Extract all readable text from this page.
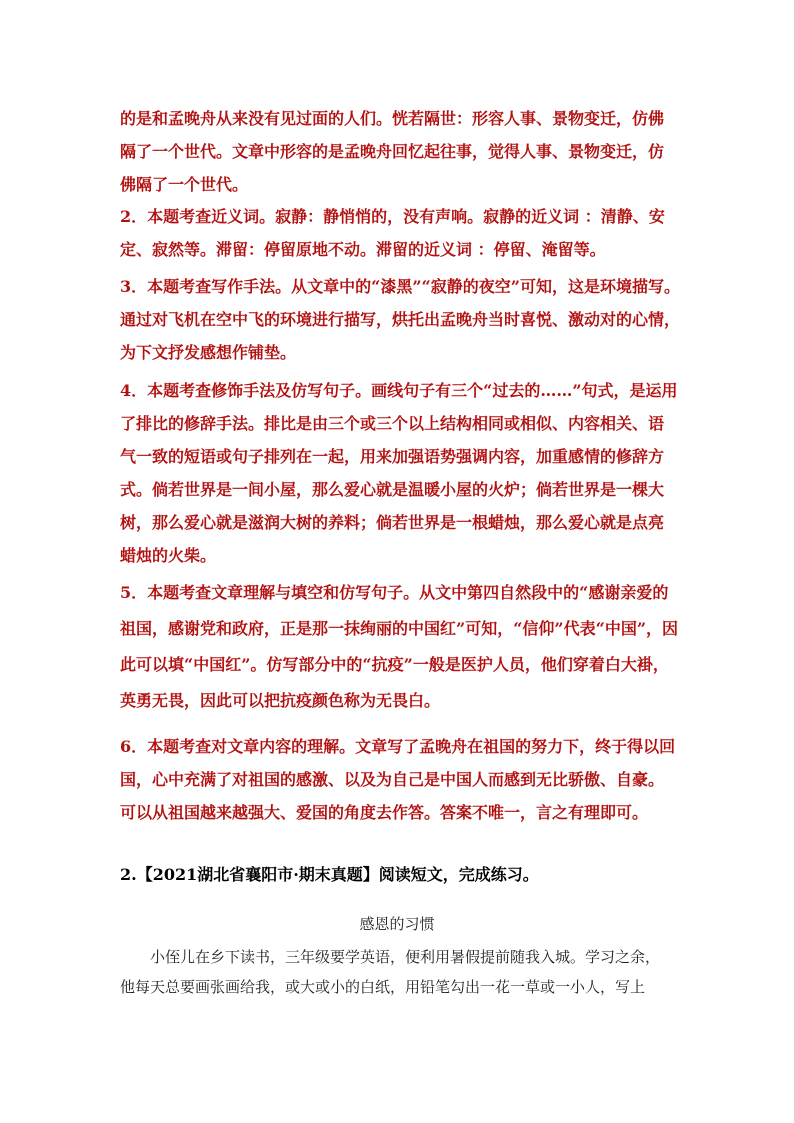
的是和孟晚舟从来没有见过面的人们。恍若隔世：形容人事、景物变迁，仿佛
隔了一个世代。文章中形容的是孟晚舟回忆起往事，觉得人事、景物变迁，仿
佛隔了一个世代。
2．本题考查近义词。寂静：静悄悄的，没有声响。寂静的近义词 ：清静、安
定、寂然等。滞留：停留原地不动。滞留的近义词 ：停留、淹留等。
3．本题考查写作手法。从文章中的“漆黑”“寂静的夜空”可知，这是环境描写。
通过对飞机在空中飞的环境进行描写，烘托出孟晚舟当时喜悦、激动对的心情，
为下文抒发感想作铺垫。
4．本题考查修饰手法及仿写句子。画线句子有三个“过去的……”句式，是运用
了排比的修辞手法。排比是由三个或三个以上结构相同或相似、内容相关、语
气一致的短语或句子排列在一起，用来加强语势强调内容，加重感情的修辞方
式。倘若世界是一间小屋，那么爱心就是温暖小屋的火炉；倘若世界是一棵大
树，那么爱心就是滋润大树的养料；倘若世界是一根蜡烛，那么爱心就是点亮
蜡烛的火柴。
5．本题考查文章理解与填空和仿写句子。从文中第四自然段中的“感谢亲爱的
祖国，感谢党和政府，正是那一抹绚丽的中国红”可知，“信仰”代表“中国”，因
此可以填“中国红”。仿写部分中的“抗疫”一般是医护人员，他们穿着白大褂，
英勇无畏，因此可以把抗疫颜色称为无畏白。
6．本题考查对文章内容的理解。文章写了孟晚舟在祖国的努力下，终于得以回
国，心中充满了对祖国的感激、以及为自己是中国人而感到无比骄傲、自豪。
可以从祖国越来越强大、爱国的角度去作答。答案不唯一，言之有理即可。

2.【2021湖北省襄阳市·期末真题】阅读短文，完成练习。

感恩的习惯

小侄儿在乡下读书，三年级要学英语，便利用暑假提前随我入城。学习之余，
他每天总要画张画给我，或大或小的白纸，用铅笔勾出一花一草或一小人，写上
